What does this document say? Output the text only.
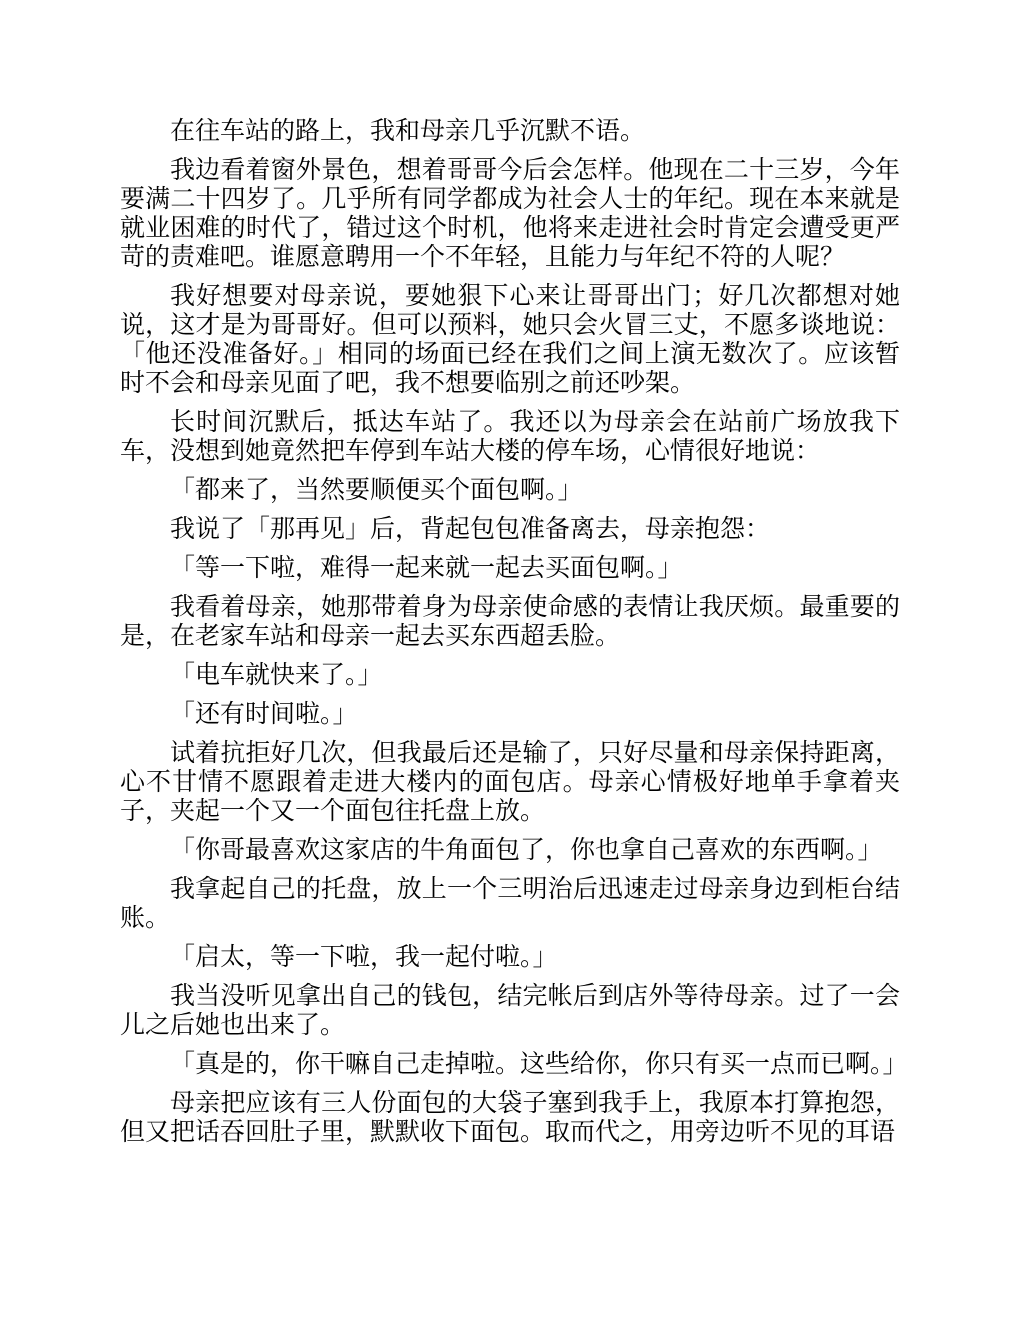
在往车站的路上，我和母亲几乎沉默不语。

我边看着窗外景色，想着哥哥今后会怎样。他现在二十三岁，今年要满二十四岁了。几乎所有同学都成为社会人士的年纪。现在本来就是就业困难的时代了，错过这个时机，他将来走进社会时肯定会遭受更严苛的责难吧。谁愿意聘用一个不年轻，且能力与年纪不符的人呢？

我好想要对母亲说，要她狠下心来让哥哥出门；好几次都想对她说，这才是为哥哥好。但可以预料，她只会火冒三丈，不愿多谈地说：「他还没准备好。」相同的场面已经在我们之间上演无数次了。应该暂时不会和母亲见面了吧，我不想要临别之前还吵架。

长时间沉默后，抵达车站了。我还以为母亲会在站前广场放我下车，没想到她竟然把车停到车站大楼的停车场，心情很好地说：

「都来了，当然要顺便买个面包啊。」

我说了「那再见」后，背起包包准备离去，母亲抱怨：

「等一下啦，难得一起来就一起去买面包啊。」

我看着母亲，她那带着身为母亲使命感的表情让我厌烦。最重要的是，在老家车站和母亲一起去买东西超丢脸。

「电车就快来了。」

「还有时间啦。」

试着抗拒好几次，但我最后还是输了，只好尽量和母亲保持距离，心不甘情不愿跟着走进大楼内的面包店。母亲心情极好地单手拿着夹子，夹起一个又一个面包往托盘上放。

「你哥最喜欢这家店的牛角面包了，你也拿自己喜欢的东西啊。」

我拿起自己的托盘，放上一个三明治后迅速走过母亲身边到柜台结账。

「启太，等一下啦，我一起付啦。」

我当没听见拿出自己的钱包，结完帐后到店外等待母亲。过了一会儿之后她也出来了。

「真是的，你干嘛自己走掉啦。这些给你，你只有买一点而已啊。」

母亲把应该有三人份面包的大袋子塞到我手上，我原本打算抱怨，但又把话吞回肚子里，默默收下面包。取而代之，用旁边听不见的耳语
